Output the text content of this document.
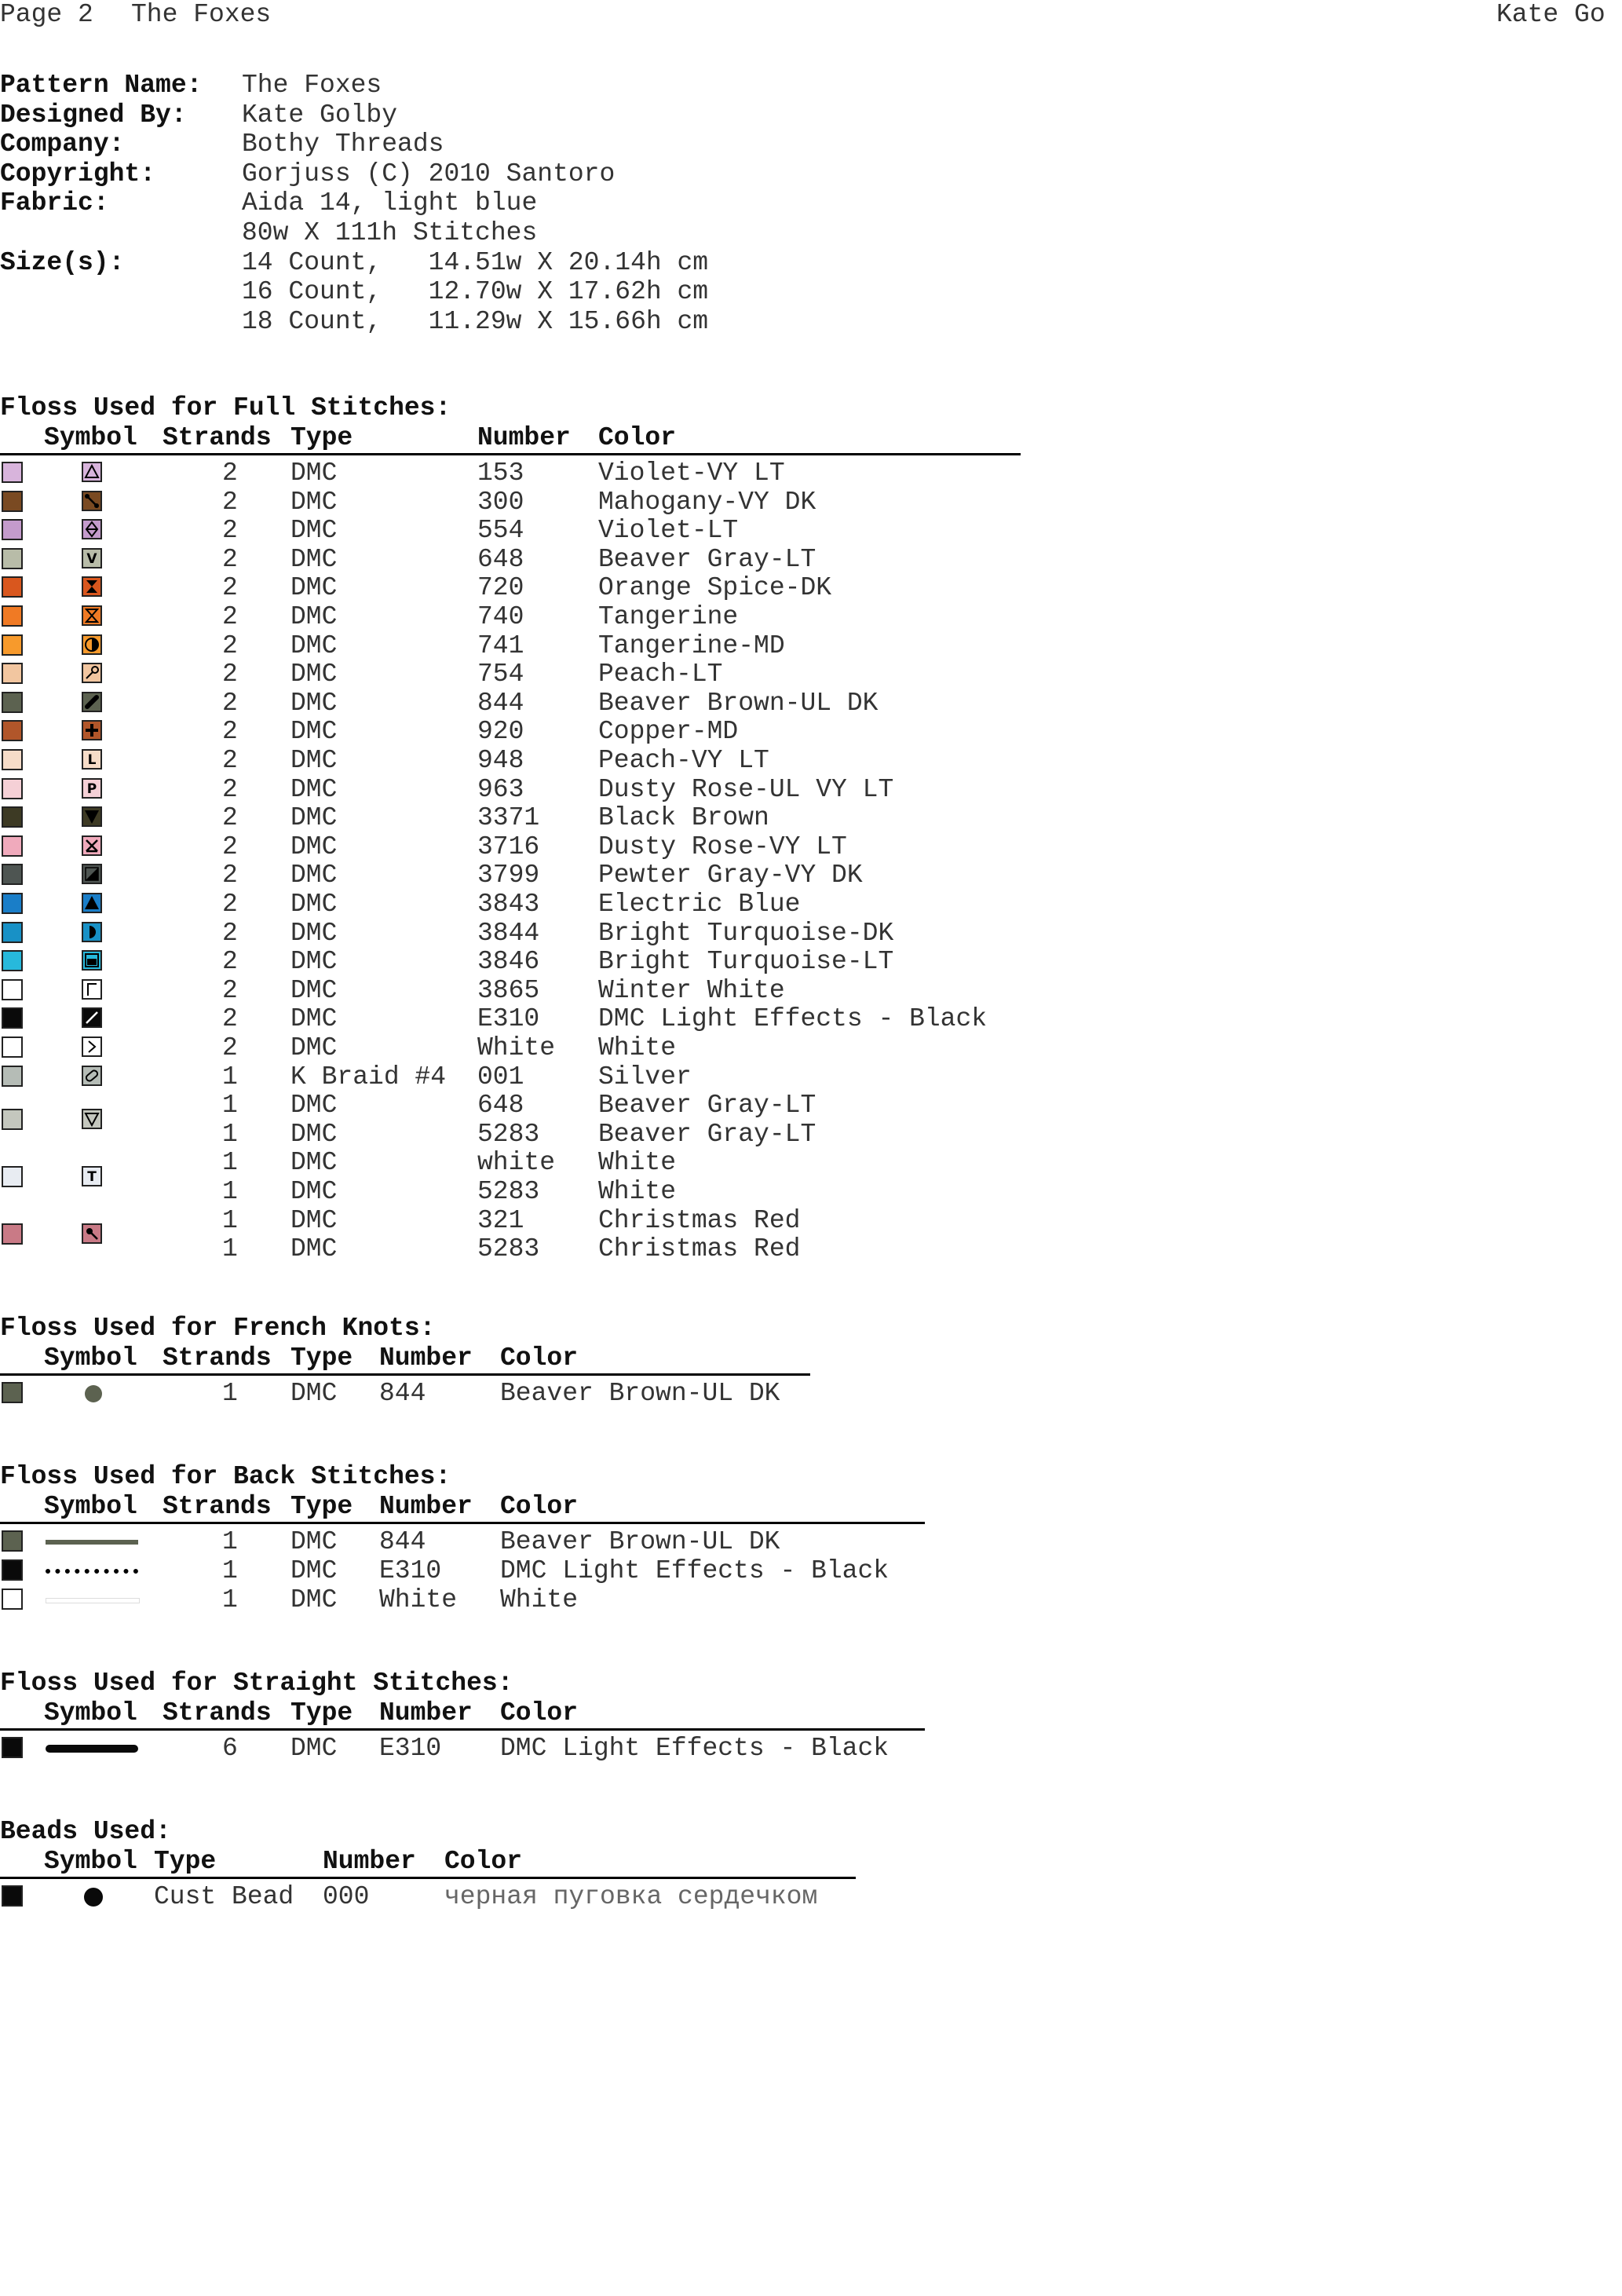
Page 2 The Foxes	Kate Go
Pattern Name: The Foxes
Designed By: Kate Golby
Company:	Bothy Threads
Copyright:	Gorjuss (C) 2010 Santoro
Fabric:	Aida 14, light blue
80w X 111h Stitches
Size(s):	14 Count,   14.51w X 20.14h cm
16 Count,   12.70w X 17.62h cm
18 Count,   11.29w X 15.66h cm
Floss Used for Full Stitches:
Symbol Strands Type	Number Color
2 DMC	153	Violet-VY LT
2 DMC	300	Mahogany-VY DK
2 DMC	554	Violet-LT
V	2 DMC	648	Beaver Gray-LT
2 DMC	720	Orange Spice-DK
2 DMC	740	Tangerine
2 DMC	741	Tangerine-MD
2 DMC	754	Peach-LT
2 DMC	844	Beaver Brown-UL DK
2 DMC	920	Copper-MD
L	2 DMC	948	Peach-VY LT
P	2 DMC	963	Dusty Rose-UL VY LT
2 DMC	3371 Black Brown
2 DMC	3716 Dusty Rose-VY LT
2 DMC	3799 Pewter Gray-VY DK
2 DMC	3843 Electric Blue
2 DMC	3844 Bright Turquoise-DK
2 DMC	3846 Bright Turquoise-LT
2 DMC	3865 Winter White
2 DMC	E310 DMC Light Effects - Black
2 DMC	White White
1 K Braid #4 001	Silver
1 DMC	648	Beaver Gray-LT
1 DMC	5283 Beaver Gray-LT
T	1 DMC	white White
1 DMC	5283 White
1 DMC	321	Christmas Red
1 DMC	5283 Christmas Red
Floss Used for French Knots:
Symbol Strands Type Number Color
1 DMC 844	Beaver Brown-UL DK
Floss Used for Back Stitches:
Symbol Strands Type Number Color
1 DMC 844	Beaver Brown-UL DK
1 DMC E310 DMC Light Effects - Black
1 DMC White White
Floss Used for Straight Stitches:
Symbol Strands Type Number Color
6 DMC E310 DMC Light Effects - Black
Beads Used:
Symbol Type	Number Color
Cust Bead 000	черная пуговка сердечком
